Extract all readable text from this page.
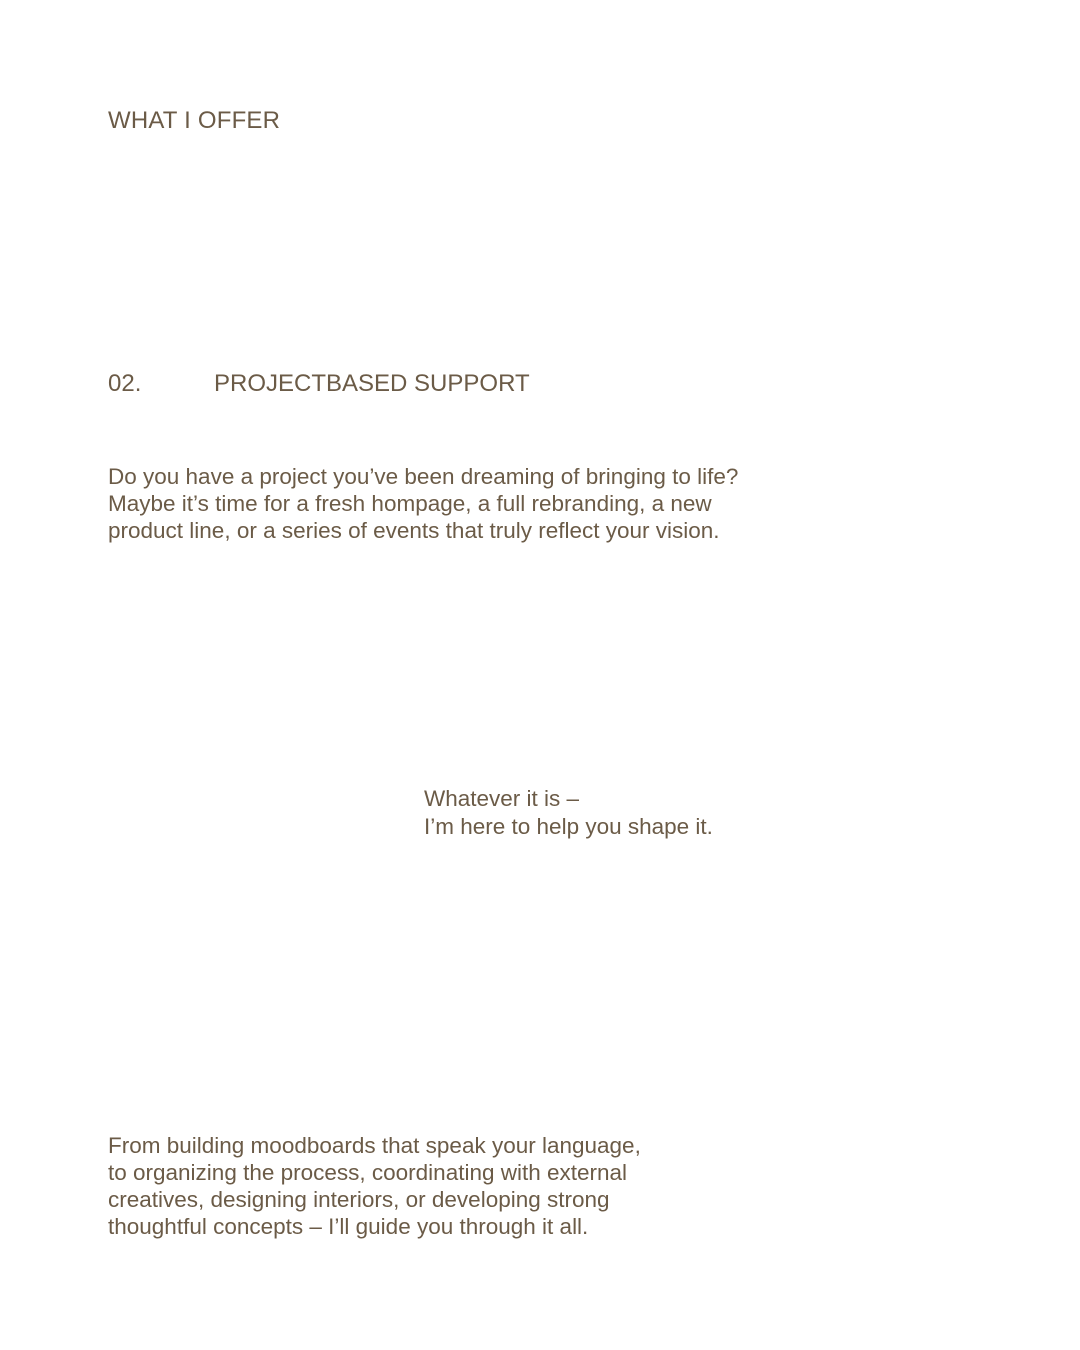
WHAT I OFFER

02.	PROJECTBASED SUPPORT

Do you have a project you’ve been dreaming of bringing to life? Maybe it’s time for a fresh hompage, a full rebranding, a new product line, or a series of events that truly reflect your vision.

Whatever it is –
I’m here to help you shape it.

From building moodboards that speak your language,
to organizing the process, coordinating with external
creatives, designing interiors, or developing strong
thoughtful concepts – I’ll guide you through it all.
